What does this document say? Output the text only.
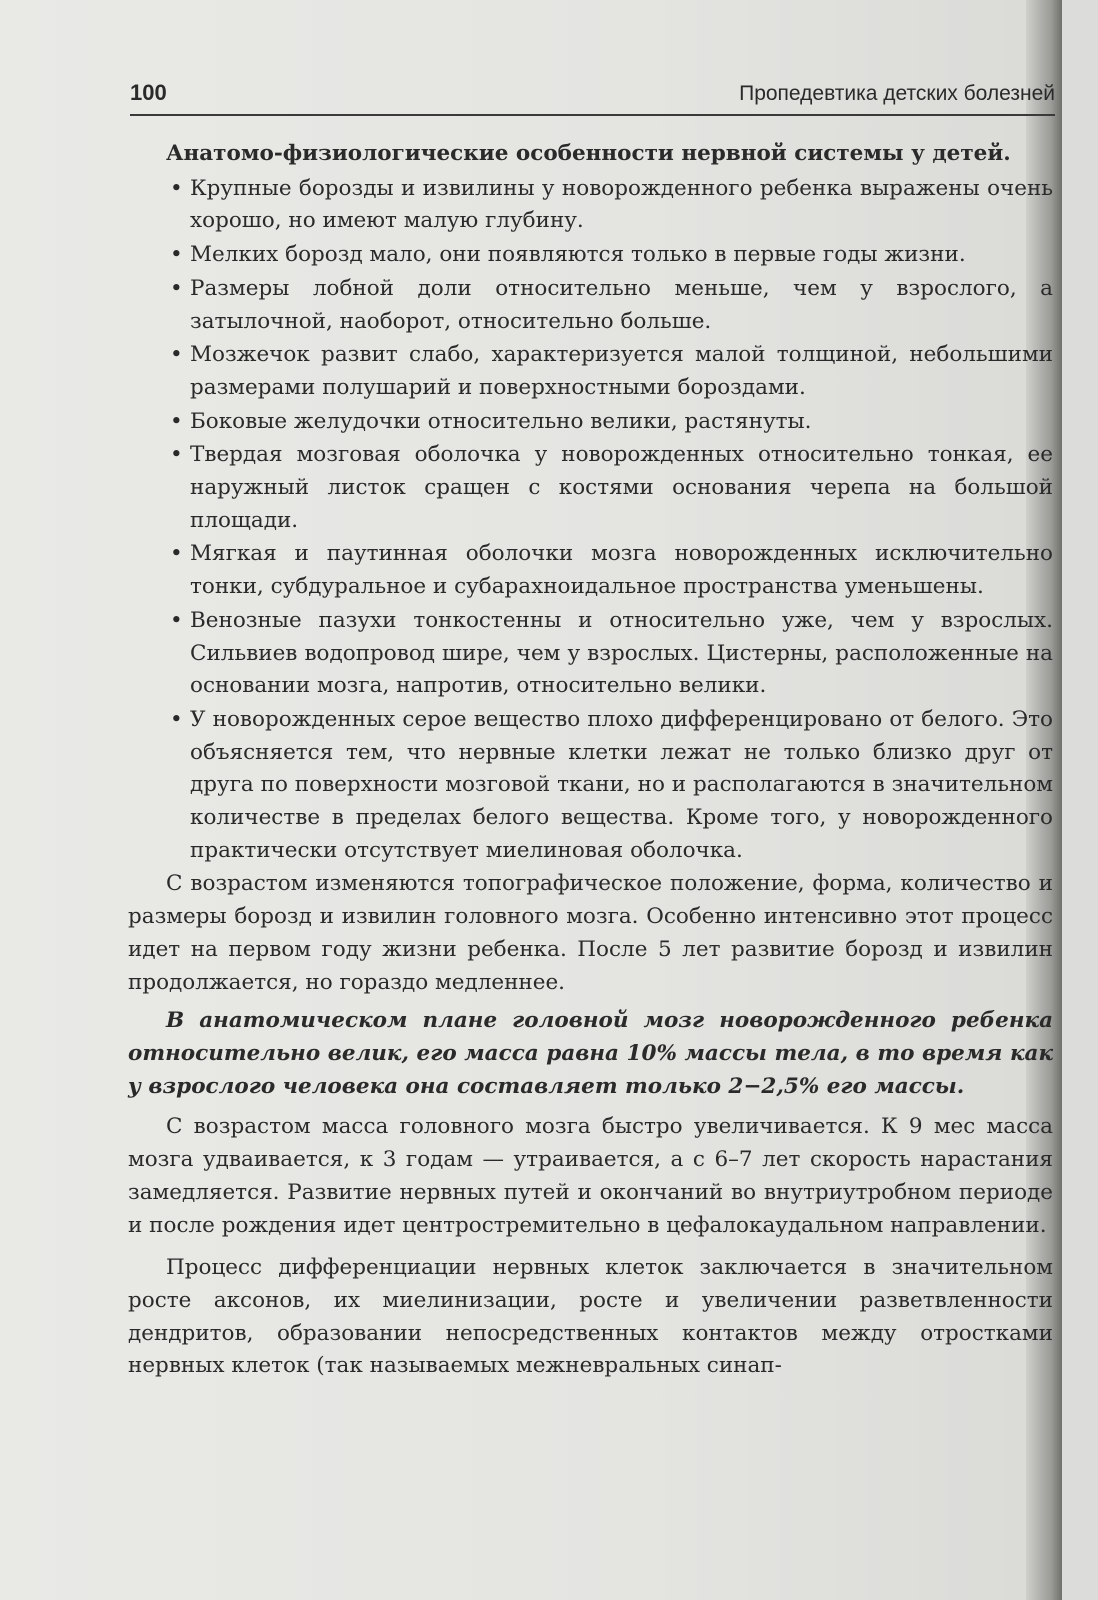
100	Пропедевтика детских болезней
Анатомо-физиологические особенности нервной системы у детей.
• Крупные борозды и извилины у новорожденного ребенка выражены очень хорошо, но имеют малую глубину.
• Мелких борозд мало, они появляются только в первые годы жизни.
• Размеры лобной доли относительно меньше, чем у взрослого, а затылочной, наоборот, относительно больше.
• Мозжечок развит слабо, характеризуется малой толщиной, небольшими размерами полушарий и поверхностными бороздами.
• Боковые желудочки относительно велики, растянуты.
• Твердая мозговая оболочка у новорожденных относительно тонкая, ее наружный листок сращен с костями основания черепа на большой площади.
• Мягкая и паутинная оболочки мозга новорожденных исключительно тонки, субдуральное и субарахноидальное пространства уменьшены.
• Венозные пазухи тонкостенны и относительно уже, чем у взрослых. Сильвиев водопровод шире, чем у взрослых. Цистерны, расположенные на основании мозга, напротив, относительно велики.
• У новорожденных серое вещество плохо дифференцировано от белого. Это объясняется тем, что нервные клетки лежат не только близко друг от друга по поверхности мозговой ткани, но и располагаются в значительном количестве в пределах белого вещества. Кроме того, у новорожденного практически отсутствует миелиновая оболочка.

С возрастом изменяются топографическое положение, форма, количество и размеры борозд и извилин головного мозга. Особенно интенсивно этот процесс идет на первом году жизни ребенка. После 5 лет развитие борозд и извилин продолжается, но гораздо медленнее.

В анатомическом плане головной мозг новорожденного ребенка относительно велик, его масса равна 10% массы тела, в то время как у взрослого человека она составляет только 2−2,5% его массы.

С возрастом масса головного мозга быстро увеличивается. К 9 мес масса мозга удваивается, к 3 годам — утраивается, а с 6–7 лет скорость нарастания замедляется. Развитие нервных путей и окончаний во внутриутробном периоде и после рождения идет центростремительно в цефалокаудальном направлении.

Процесс дифференциации нервных клеток заключается в значительном росте аксонов, их миелинизации, росте и увеличении разветвленности дендритов, образовании непосредственных контактов между отростками нервных клеток (так называемых межневральных синап-
